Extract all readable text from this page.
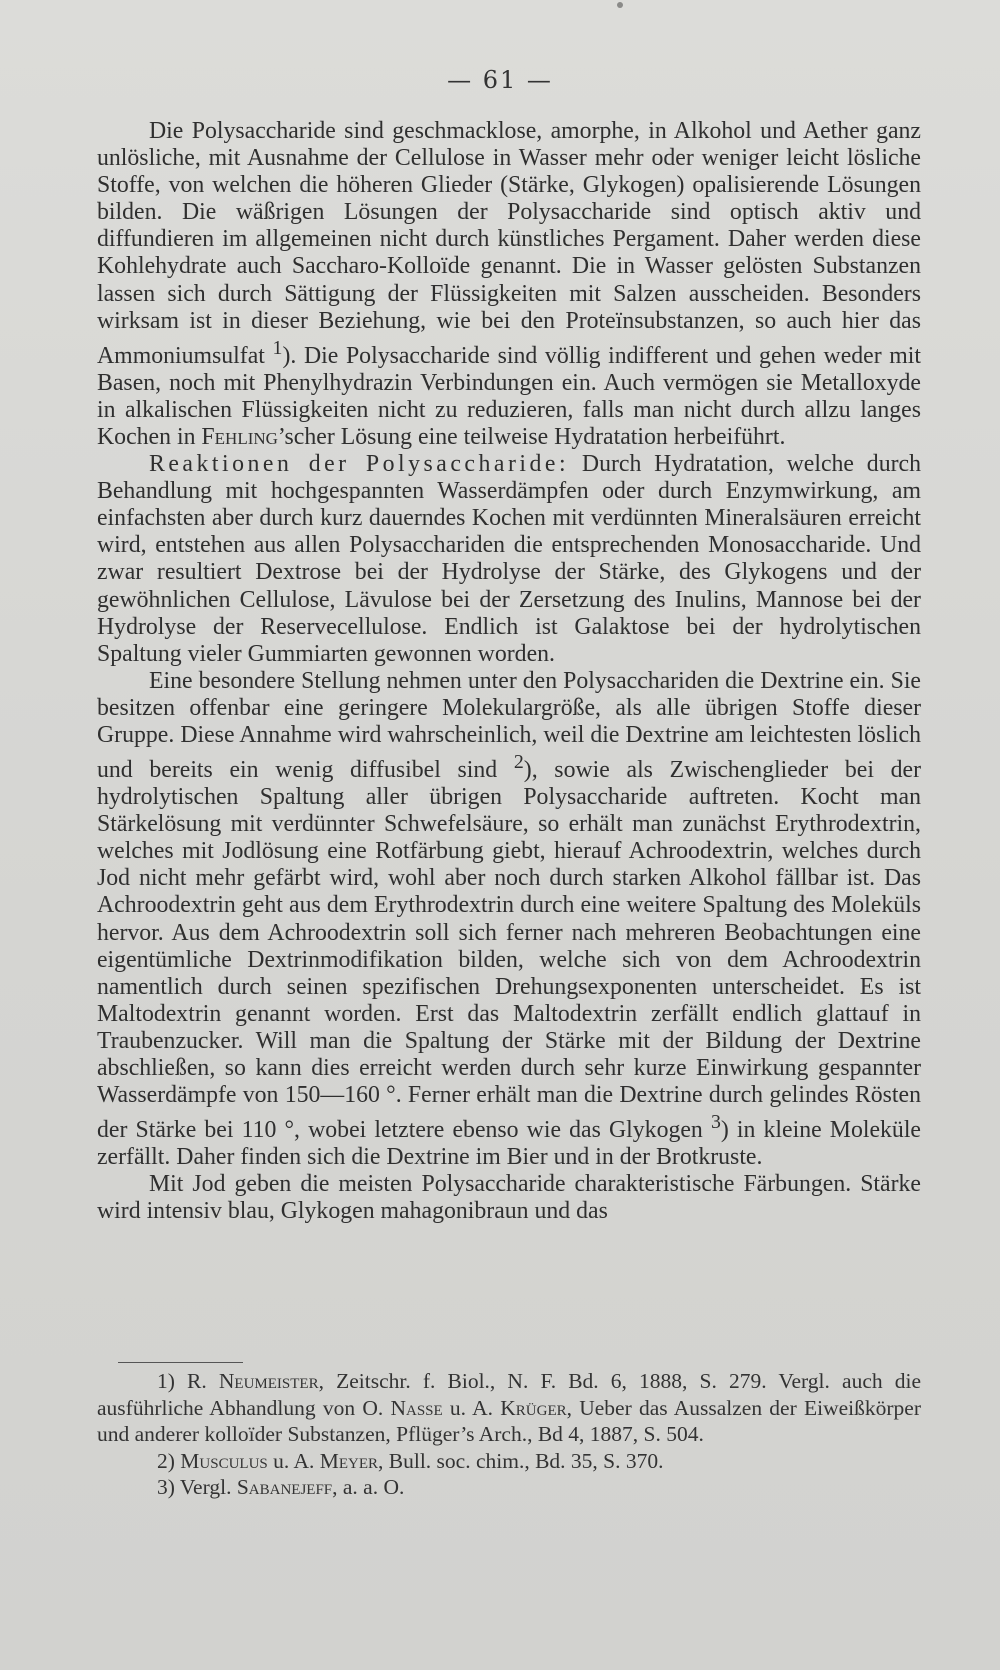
— 61 —

Die Polysaccharide sind geschmacklose, amorphe, in Alkohol und Aether ganz unlösliche, mit Ausnahme der Cellulose in Wasser mehr oder weniger leicht lösliche Stoffe, von welchen die höheren Glieder (Stärke, Glykogen) opalisierende Lösungen bilden. Die wäßrigen Lösungen der Polysaccharide sind optisch aktiv und diffundieren im allgemeinen nicht durch künstliches Pergament. Daher werden diese Kohlehydrate auch Saccharo-Kolloïde genannt. Die in Wasser gelösten Substanzen lassen sich durch Sättigung der Flüssigkeiten mit Salzen ausscheiden. Besonders wirksam ist in dieser Beziehung, wie bei den Proteïnsubstanzen, so auch hier das Ammoniumsulfat $^1$). Die Polysaccharide sind völlig indifferent und gehen weder mit Basen, noch mit Phenylhydrazin Verbindungen ein. Auch vermögen sie Metalloxyde in alkalischen Flüssigkeiten nicht zu reduzieren, falls man nicht durch allzu langes Kochen in Fehling’scher Lösung eine teilweise Hydratation herbeiführt.

Reaktionen der Polysaccharide: Durch Hydratation, welche durch Behandlung mit hochgespannten Wasserdämpfen oder durch Enzymwirkung, am einfachsten aber durch kurz dauerndes Kochen mit verdünnten Mineralsäuren erreicht wird, entstehen aus allen Polysacchariden die entsprechenden Monosaccharide. Und zwar resultiert Dextrose bei der Hydrolyse der Stärke, des Glykogens und der gewöhnlichen Cellulose, Lävulose bei der Zersetzung des Inulins, Mannose bei der Hydrolyse der Reservecellulose. Endlich ist Galaktose bei der hydrolytischen Spaltung vieler Gummiarten gewonnen worden.

Eine besondere Stellung nehmen unter den Polysacchariden die Dextrine ein. Sie besitzen offenbar eine geringere Molekulargröße, als alle übrigen Stoffe dieser Gruppe. Diese Annahme wird wahrscheinlich, weil die Dextrine am leichtesten löslich und bereits ein wenig diffusibel sind $^2$), sowie als Zwischenglieder bei der hydrolytischen Spaltung aller übrigen Polysaccharide auftreten. Kocht man Stärkelösung mit verdünnter Schwefelsäure, so erhält man zunächst Erythrodextrin, welches mit Jodlösung eine Rotfärbung giebt, hierauf Achroodextrin, welches durch Jod nicht mehr gefärbt wird, wohl aber noch durch starken Alkohol fällbar ist. Das Achroodextrin geht aus dem Erythrodextrin durch eine weitere Spaltung des Moleküls hervor. Aus dem Achroodextrin soll sich ferner nach mehreren Beobachtungen eine eigentümliche Dextrinmodifikation bilden, welche sich von dem Achroodextrin namentlich durch seinen spezifischen Drehungsexponenten unterscheidet. Es ist Maltodextrin genannt worden. Erst das Maltodextrin zerfällt endlich glattauf in Traubenzucker. Will man die Spaltung der Stärke mit der Bildung der Dextrine abschließen, so kann dies erreicht werden durch sehr kurze Einwirkung gespannter Wasserdämpfe von 150—160 °. Ferner erhält man die Dextrine durch gelindes Rösten der Stärke bei 110 °, wobei letztere ebenso wie das Glykogen $^3$) in kleine Moleküle zerfällt. Daher finden sich die Dextrine im Bier und in der Brotkruste.

Mit Jod geben die meisten Polysaccharide charakteristische Färbungen. Stärke wird intensiv blau, Glykogen mahagonibraun und das

1) R. Neumeister, Zeitschr. f. Biol., N. F. Bd. 6, 1888, S. 279. Vergl. auch die ausführliche Abhandlung von O. Nasse u. A. Krüger, Ueber das Aussalzen der Eiweißkörper und anderer kolloïder Substanzen, Pflüger’s Arch., Bd 4, 1887, S. 504.

2) Musculus u. A. Meyer, Bull. soc. chim., Bd. 35, S. 370.

3) Vergl. Sabanejeff, a. a. O.
